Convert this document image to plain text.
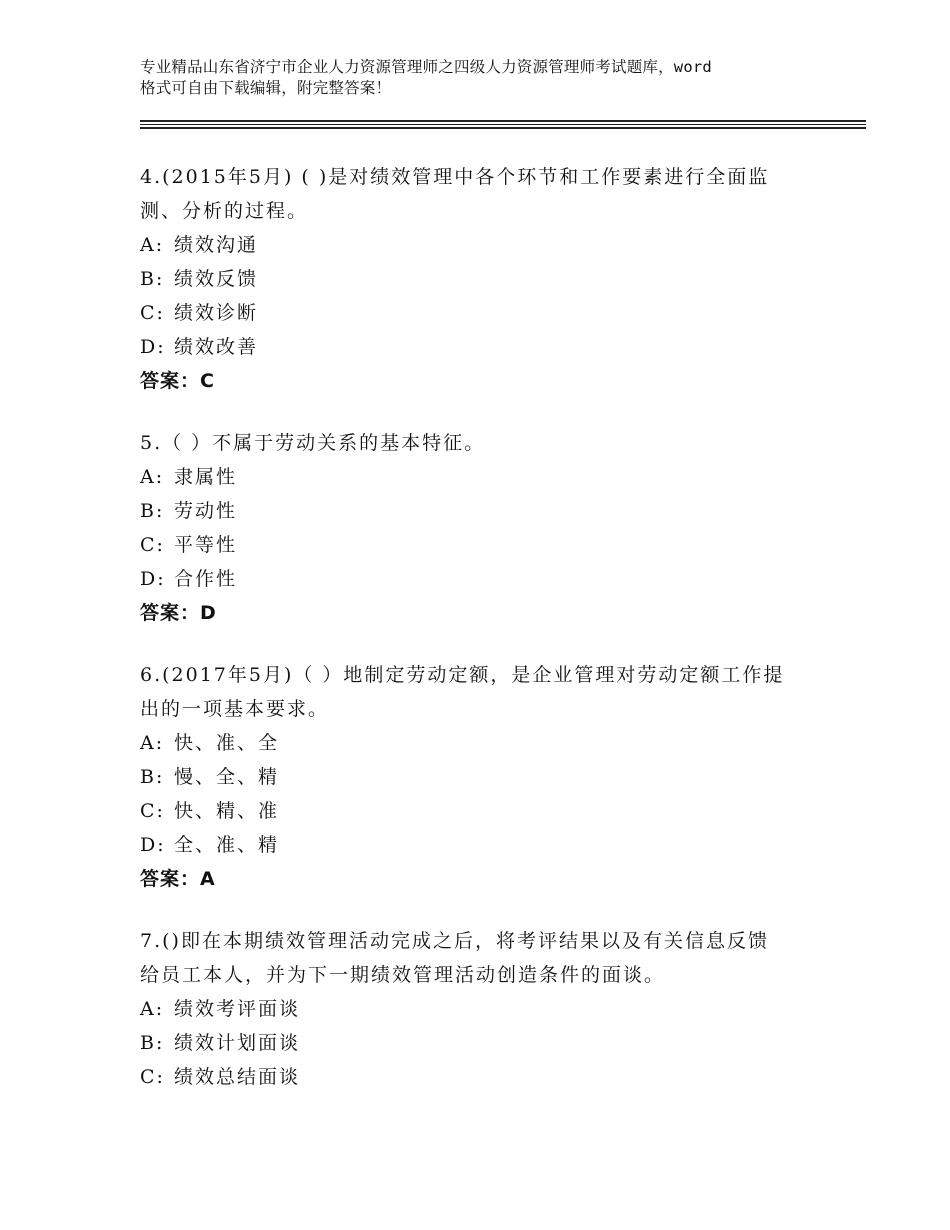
专业精品山东省济宁市企业人力资源管理师之四级人力资源管理师考试题库，word
格式可自由下载编辑，附完整答案！
4.(2015年5月) ( )是对绩效管理中各个环节和工作要素进行全面监
测、分析的过程。
A: 绩效沟通
B: 绩效反馈
C: 绩效诊断
D: 绩效改善
答案：C
5.（ ）不属于劳动关系的基本特征。
A: 隶属性
B: 劳动性
C: 平等性
D: 合作性
答案：D
6.(2017年5月)（ ）地制定劳动定额，是企业管理对劳动定额工作提
出的一项基本要求。
A: 快、准、全
B: 慢、全、精
C: 快、精、准
D: 全、准、精
答案：A
7.()即在本期绩效管理活动完成之后，将考评结果以及有关信息反馈
给员工本人，并为下一期绩效管理活动创造条件的面谈。
A: 绩效考评面谈
B: 绩效计划面谈
C: 绩效总结面谈
